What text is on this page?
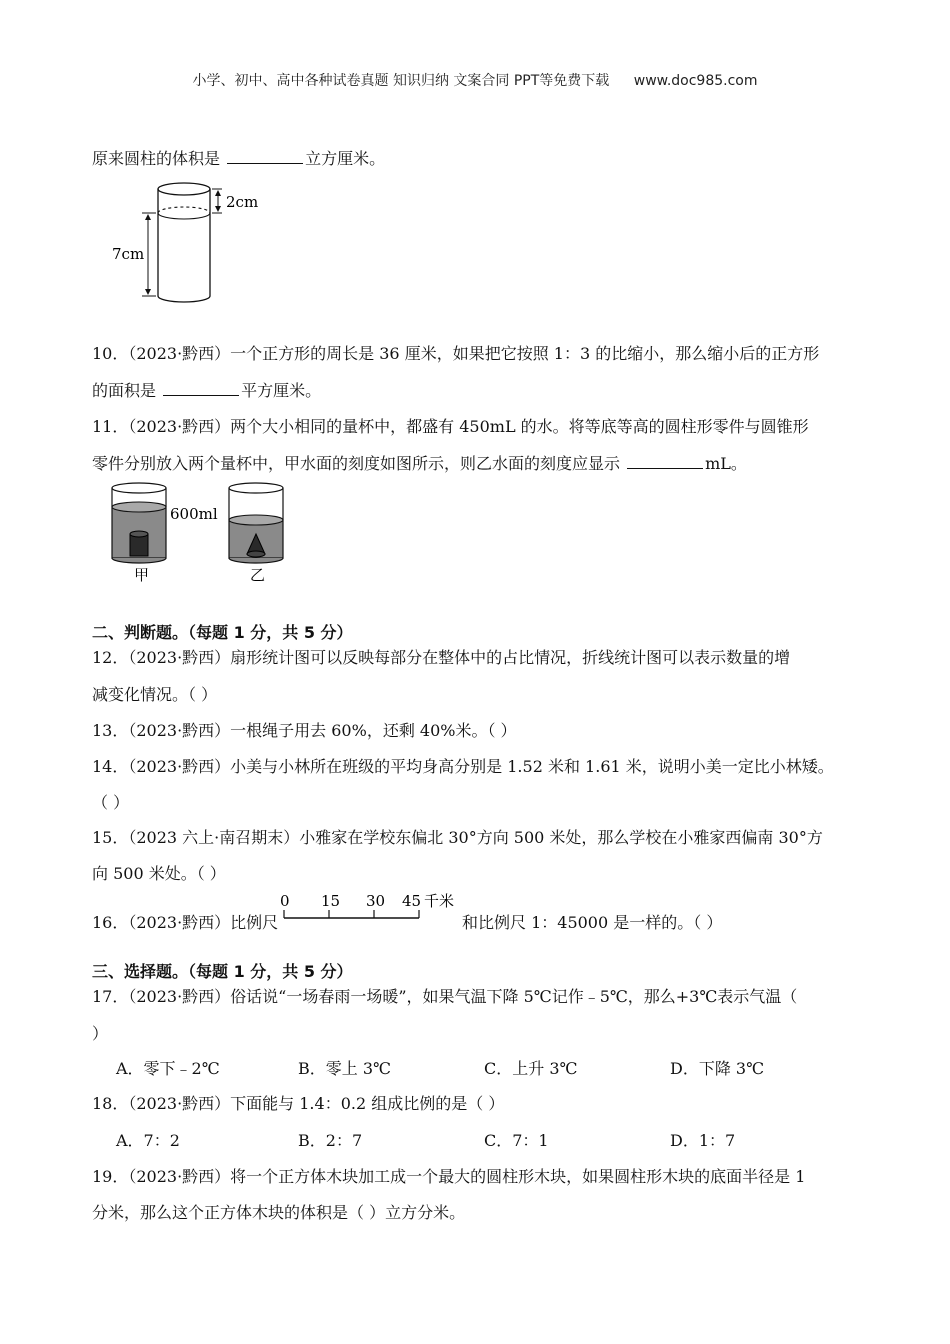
小学、初中、高中各种试卷真题 知识归纳 文案合同 PPT等免费下载 www.doc985.com
原来圆柱的体积是	立方厘米。
2cm
7cm
10．（2023·黔西）一个正方形的周长是 36 厘米，如果把它按照 1：3 的比缩小，那么缩小后的正方形
的面积是	平方厘米。
11．（2023·黔西）两个大小相同的量杯中，都盛有 450mL 的水。将等底等高的圆柱形零件与圆锥形
零件分别放入两个量杯中，甲水面的刻度如图所示，则乙水面的刻度应显示	mL。
600ml
甲	乙
二、判断题。（每题 1 分，共 5 分）
12．（2023·黔西）扇形统计图可以反映每部分在整体中的占比情况，折线统计图可以表示数量的增
减变化情况。（ ）
13．（2023·黔西）一根绳子用去 60%，还剩 40%米。（ ）
14．（2023·黔西）小美与小林所在班级的平均身高分别是 1.52 米和 1.61 米，说明小美一定比小林矮。
（ ）
15．（2023 六上·南召期末）小雅家在学校东偏北 30°方向 500 米处，那么学校在小雅家西偏南 30°方
向 500 米处。（ ）
16．（2023·黔西）比例尺
0 15 30 45 千米
和比例尺 1：45000 是一样的。（ ）
三、选择题。（每题 1 分，共 5 分）
17．（2023·黔西）俗话说“一场春雨一场暖”，如果气温下降 5℃记作﹣5℃，那么+3℃表示气温（
）
A．零下﹣2℃	B．零上 3℃	C．上升 3℃	D．下降 3℃
18．（2023·黔西）下面能与 1.4：0.2 组成比例的是（ ）
A．7：2	B．2：7	C．7：1	D．1：7
19．（2023·黔西）将一个正方体木块加工成一个最大的圆柱形木块，如果圆柱形木块的底面半径是 1
分米，那么这个正方体木块的体积是（ ）立方分米。
